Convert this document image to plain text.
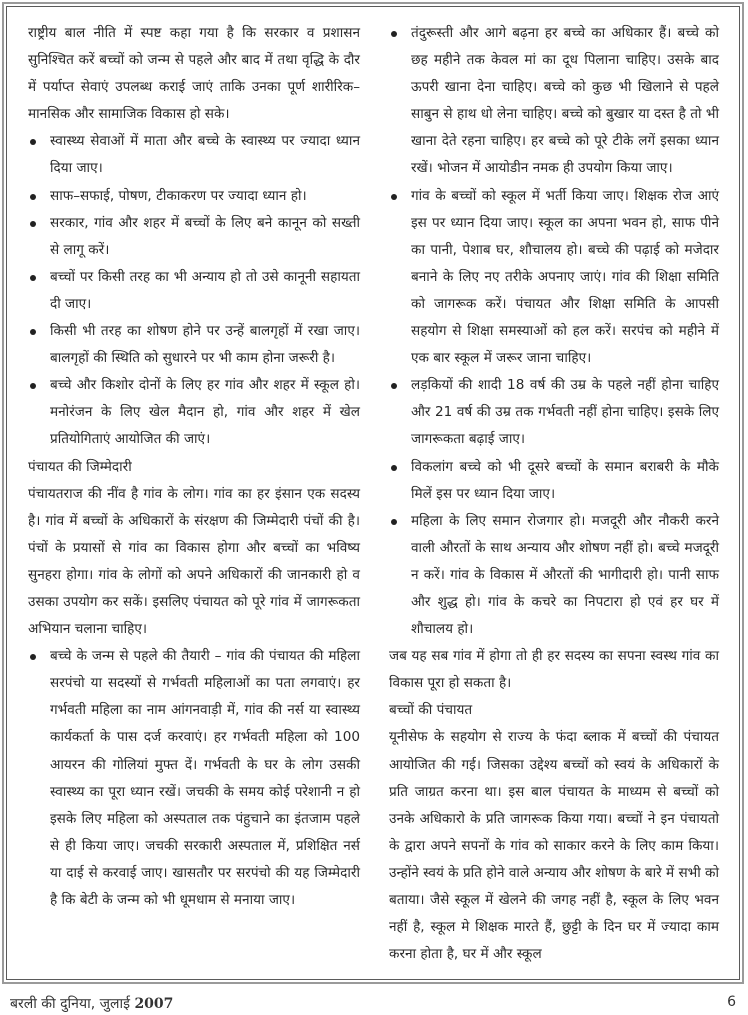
राष्ट्रीय बाल नीति में स्पष्ट कहा गया है कि सरकार व प्रशासन सुनिश्चित करें बच्चों को जन्म से पहले और बाद में तथा वृद्धि के दौर में पर्याप्त सेवाएं उपलब्ध कराई जाएं ताकि उनका पूर्ण शारीरिक–मानसिक और सामाजिक विकास हो सके।

स्वास्थ्य सेवाओं में माता और बच्चे के स्वास्थ्य पर ज्यादा ध्यान दिया जाए।
साफ–सफाई, पोषण, टीकाकरण पर ज्यादा ध्यान हो।
सरकार, गांव और शहर में बच्चों के लिए बने कानून को सख्ती से लागू करें।
बच्चों पर किसी तरह का भी अन्याय हो तो उसे कानूनी सहायता दी जाए।
किसी भी तरह का शोषण होने पर उन्हें बालगृहों में रखा जाए। बालगृहों की स्थिति को सुधारने पर भी काम होना जरूरी है।
बच्चे और किशोर दोनों के लिए हर गांव और शहर में स्कूल हो। मनोरंजन के लिए खेल मैदान हो, गांव और शहर में खेल प्रतियोगिताएं आयोजित की जाएं।

पंचायत की जिम्मेदारी

पंचायतराज की नींव है गांव के लोग। गांव का हर इंसान एक सदस्य है। गांव में बच्चों के अधिकारों के संरक्षण की जिम्मेदारी पंचों की है। पंचों के प्रयासों से गांव का विकास होगा और बच्चों का भविष्य सुनहरा होगा। गांव के लोगों को अपने अधिकारों की जानकारी हो व उसका उपयोग कर सकें। इसलिए पंचायत को पूरे गांव में जागरूकता अभियान चलाना चाहिए।

बच्चे के जन्म से पहले की तैयारी – गांव की पंचायत की महिला सरपंचो या सदस्यों से गर्भवती महिलाओं का पता लगवाएं। हर गर्भवती महिला का नाम आंगनवाड़ी में, गांव की नर्स या स्वास्थ्य कार्यकर्ता के पास दर्ज करवाएं। हर गर्भवती महिला को 100 आयरन की गोलियां मुफ्त दें। गर्भवती के घर के लोग उसकी स्वास्थ्य का पूरा ध्यान रखें। जचकी के समय कोई परेशानी न हो इसके लिए महिला को अस्पताल तक पंहुचाने का इंतजाम पहले से ही किया जाए। जचकी सरकारी अस्पताल में, प्रशिक्षित नर्स या दाई से करवाई जाए। खासतौर पर सरपंचो की यह जिम्मेदारी है कि बेटी के जन्म को भी धूमधाम से मनाया जाए।
तंदुरूस्ती और आगे बढ़ना हर बच्चे का अधिकार हैं। बच्चे को छह महीने तक केवल मां का दूध पिलाना चाहिए। उसके बाद ऊपरी खाना देना चाहिए। बच्चे को कुछ भी खिलाने से पहले साबुन से हाथ धो लेना चाहिए। बच्चे को बुखार या दस्त है तो भी खाना देते रहना चाहिए। हर बच्चे को पूरे टीके लगें इसका ध्यान रखें। भोजन में आयोडीन नमक ही उपयोग किया जाए।
गांव के बच्चों को स्कूल में भर्ती किया जाए। शिक्षक रोज आएं इस पर ध्यान दिया जाए। स्कूल का अपना भवन हो, साफ पीने का पानी, पेशाब घर, शौचालय हो। बच्चे की पढ़ाई को मजेदार बनाने के लिए नए तरीके अपनाए जाएं। गांव की शिक्षा समिति को जागरूक करें। पंचायत और शिक्षा समिति के आपसी सहयोग से शिक्षा समस्याओं को हल करें। सरपंच को महीने में एक बार स्कूल में जरूर जाना चाहिए।
लड़कियों की शादी 18 वर्ष की उम्र के पहले नहीं होना चाहिए और 21 वर्ष की उम्र तक गर्भवती नहीं होना चाहिए। इसके लिए जागरूकता बढ़ाई जाए।
विकलांग बच्चे को भी दूसरे बच्चों के समान बराबरी के मौके मिलें इस पर ध्यान दिया जाए।
महिला के लिए समान रोजगार हो। मजदूरी और नौकरी करने वाली औरतों के साथ अन्याय और शोषण नहीं हो। बच्चे मजदूरी न करें। गांव के विकास में औरतों की भागीदारी हो। पानी साफ और शुद्ध हो। गांव के कचरे का निपटारा हो एवं हर घर में शौचालय हो।

जब यह सब गांव में होगा तो ही हर सदस्य का सपना स्वस्थ गांव का विकास पूरा हो सकता है।

बच्चों की पंचायत

यूनीसेफ के सहयोग से राज्य के फंदा ब्लाक में बच्चों की पंचायत आयोजित की गई। जिसका उद्देश्य बच्चों को स्वयं के अधिकारों के प्रति जाग्रत करना था। इस बाल पंचायत के माध्यम से बच्चों को उनके अधिकारो के प्रति जागरूक किया गया। बच्चों ने इन पंचायतो के द्वारा अपने सपनों के गांव को साकार करने के लिए काम किया। उन्होंने स्वयं के प्रति होने वाले अन्याय और शोषण के बारे में सभी को बताया। जैसे स्कूल में खेलने की जगह नहीं है, स्कूल के लिए भवन नहीं है, स्कूल मे शिक्षक मारते हैं, छुट्टी के दिन घर में ज्यादा काम करना होता है, घर में और स्कूल

बरली की दुनिया, जुलाई 2007	6
